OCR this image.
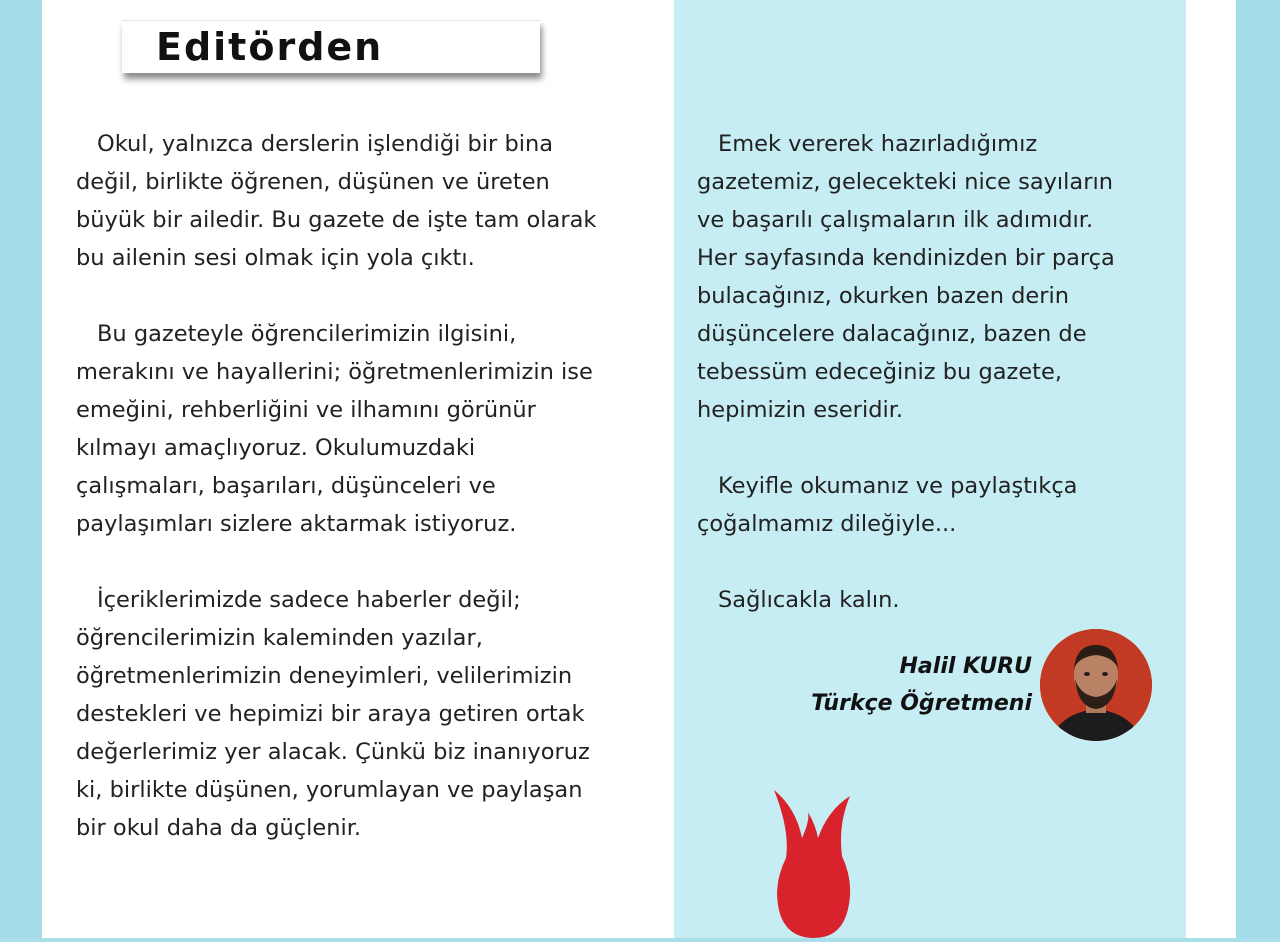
Editörden

Okul, yalnızca derslerin işlendiği bir bina
değil, birlikte öğrenen, düşünen ve üreten
büyük bir ailedir. Bu gazete de işte tam olarak
bu ailenin sesi olmak için yola çıktı.

Bu gazeteyle öğrencilerimizin ilgisini,
merakını ve hayallerini; öğretmenlerimizin ise
emeğini, rehberliğini ve ilhamını görünür
kılmayı amaçlıyoruz. Okulumuzdaki
çalışmaları, başarıları, düşünceleri ve
paylaşımları sizlere aktarmak istiyoruz.

İçeriklerimizde sadece haberler değil;
öğrencilerimizin kaleminden yazılar,
öğretmenlerimizin deneyimleri, velilerimizin
destekleri ve hepimizi bir araya getiren ortak
değerlerimiz yer alacak. Çünkü biz inanıyoruz
ki, birlikte düşünen, yorumlayan ve paylaşan
bir okul daha da güçlenir.

Emek vererek hazırladığımız
gazetemiz, gelecekteki nice sayıların
ve başarılı çalışmaların ilk adımıdır.
Her sayfasında kendinizden bir parça
bulacağınız, okurken bazen derin
düşüncelere dalacağınız, bazen de
tebessüm edeceğiniz bu gazete,
hepimizin eseridir.

Keyifle okumanız ve paylaştıkça
çoğalmamız dileğiyle...

Sağlıcakla kalın.

Halil KURU
Türkçe Öğretmeni
